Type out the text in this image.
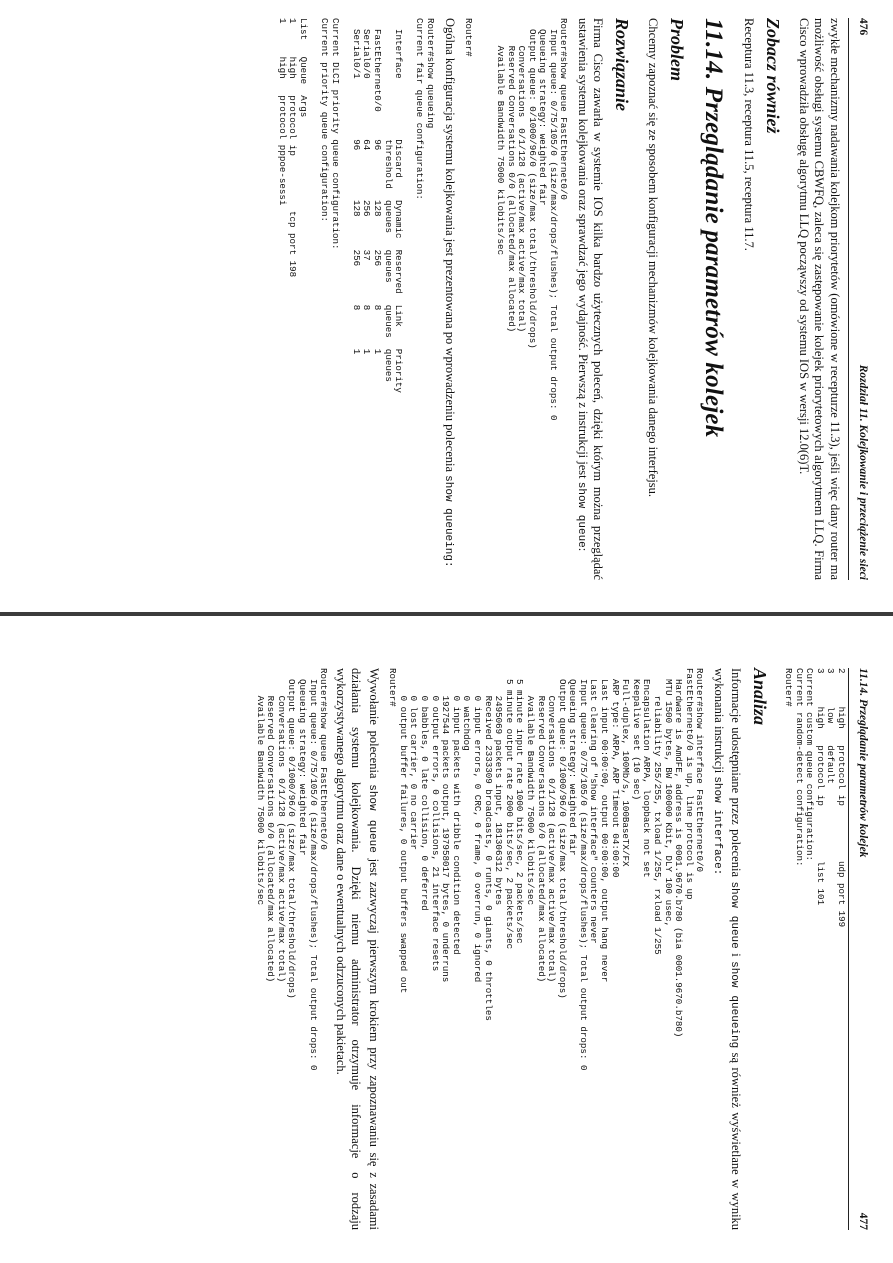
476
Rozdział 11. Kolejkowanie i przeciążenie sieci

zwykłe mechanizmy nadawania kolejkom priorytetów (omówione w recepturze 11.3), jeśli więc dany router ma możliwość obsługi systemu CBWFQ, zaleca się zastępowanie kolejek priorytetowych algorytmem LLQ. Firma Cisco wprowadziła obsługę algorytmu LLQ począwszy od systemu IOS w wersji 12.0(6)T.

Zobacz również

Receptura 11.3, receptura 11.5, receptura 11.7.

11.14. Przeglądanie parametrów kolejek
Problem

Chcemy zapoznać się ze sposobem konfiguracji mechanizmów kolejkowania danego interfejsu.

Rozwiązanie

Firma Cisco zawarła w systemie IOS kilka bardzo użytecznych poleceń, dzięki którym można przeglądać ustawienia systemu kolejkowania oraz sprawdzać jego wydajność. Pierwszą z instrukcji jest show queue:

Router#show queue FastEthernet0/0
Input queue: 0/75/105/0 (size/max/drops/flushes); Total output drops: 0
Queueing strategy: weighted fair
Output queue: 0/1000/96/0 (size/max total/threshold/drops)
Conversations  0/1/128 (active/max active/max total)
Reserved Conversations 0/0 (allocated/max allocated)
Available Bandwidth 75000 kilobits/sec

Router#

Ogólna konfiguracja systemu kolejkowania jest prezentowana po wprowadzeniu polecenia show queueing:

Router#show queueing
Current fair queue configuration:

Interface           Discard    Dynamic  Reserved  Link    Priority
threshold  queues   queues    queues  queues
FastEthernet0/0     96         128      256       8       1
Serial0/0           64         256      37        8       1
Serial0/1           96         128      256       8       1

Current DLCI priority queue configuration:
Current priority queue configuration:

List   Queue  Args
1      high   protocol ip          tcp port 198
1      high   protocol pppoe-sessi
11.14. Przeglądanie parametrów kolejek
477
2      high   protocol ip          udp port 199
3      low    default
3      high   protocol ip          list 101
Current custom queue configuration:
Current random-detect configuration:
Router#
Analiza

Informacje udostępniane przez polecenia show queue i show queueing są również wyświetlane w wyniku wykonania instrukcji show interface:

Router#show interface FastEthernet0/0
FastEthernet0/0 is up, line protocol is up
Hardware is AmdFE, address is 0001.9670.b780 (bia 0001.9670.b780)
MTU 1500 bytes, BW 100000 Kbit, DLY 100 usec,
reliability 255/255, txload 1/255, rxload 1/255
Encapsulation ARPA, loopback not set
Keepalive set (10 sec)
Full-duplex, 100Mb/s, 100BaseTX/FX
ARP type: ARPA, ARP Timeout 04:00:00
Last input 00:00:00, output 00:00:00, output hang never
Last clearing of "show interface" counters never
Input queue: 0/75/105/0 (size/max/drops/flushes); Total output drops: 0
Queueing strategy: weighted fair
Output queue: 0/1000/96/0 (size/max total/threshold/drops)
Conversations  0/1/128 (active/max active/max total)
Reserved Conversations 0/0 (allocated/max allocated)
Available Bandwidth 75000 kilobits/sec
5 minute input rate 1000 bits/sec, 2 packets/sec
5 minute output rate 2000 bits/sec, 2 packets/sec
2495069 packets input, 181306312 bytes
Received 2333309 broadcasts, 0 runts, 0 giants, 0 throttles
0 input errors, 0 CRC, 0 frame, 0 overrun, 0 ignored
0 watchdog
0 input packets with dribble condition detected
1927544 packets output, 197958017 bytes, 0 underruns
0 output errors, 0 collisions, 21 interface resets
0 babbles, 0 late collision, 0 deferred
0 lost carrier, 0 no carrier
0 output buffer failures, 0 output buffers swapped out
Router#

Wywołanie polecenia show queue jest zazwyczaj pierwszym krokiem przy zapoznawaniu się z zasadami działania systemu kolejkowania. Dzięki niemu administrator otrzymuje informacje o rodzaju wykorzystywanego algorytmu oraz dane o ewentualnych odrzuconych pakietach.

Router#show queue FastEthernet0/0
Input queue: 0/75/105/0 (size/max/drops/flushes); Total output drops: 0
Queueing strategy: weighted fair
Output queue: 0/1000/96/0 (size/max total/threshold/drops)
Conversations  0/1/128 (active/max active/max total)
Reserved Conversations 0/0 (allocated/max allocated)
Available Bandwidth 75000 kilobits/sec
